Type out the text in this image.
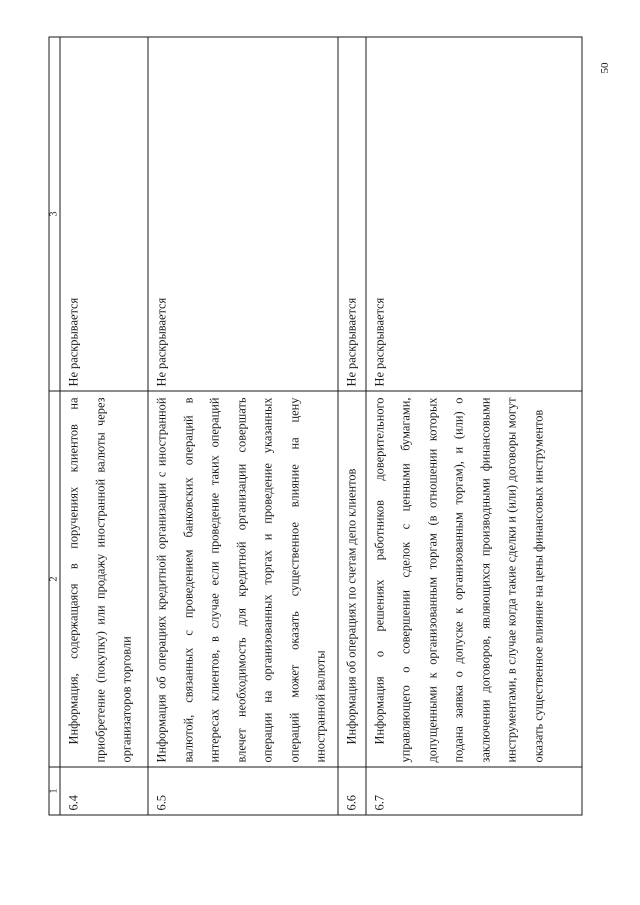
1	2	3
6.4	Информация, содержащаяся в поручениях клиентов на приобретение (покупку) или продажу иностранной валюты через организаторов торговли	Не раскрывается
6.5	Информация об операциях кредитной организации с иностранной валютой, связанных с проведением банковских операций в интересах клиентов, в случае если проведение таких операций влечет необходимость для кредитной организации совершать операции на организованных торгах и проведение указанных операций может оказать существенное влияние на цену иностранной валюты	Не раскрывается
6.6	Информация об операциях по счетам депо клиентов	Не раскрывается
6.7	Информация о решениях работников доверительного управляющего о совершении сделок с ценными бумагами, допущенными к организованным торгам (в отношении которых подана заявка о допуске к организованным торгам), и (или) о заключении договоров, являющихся производными финансовыми инструментами, в случае когда такие сделки и (или) договоры могут оказать существенное влияние на цены финансовых инструментов	Не раскрывается
50
